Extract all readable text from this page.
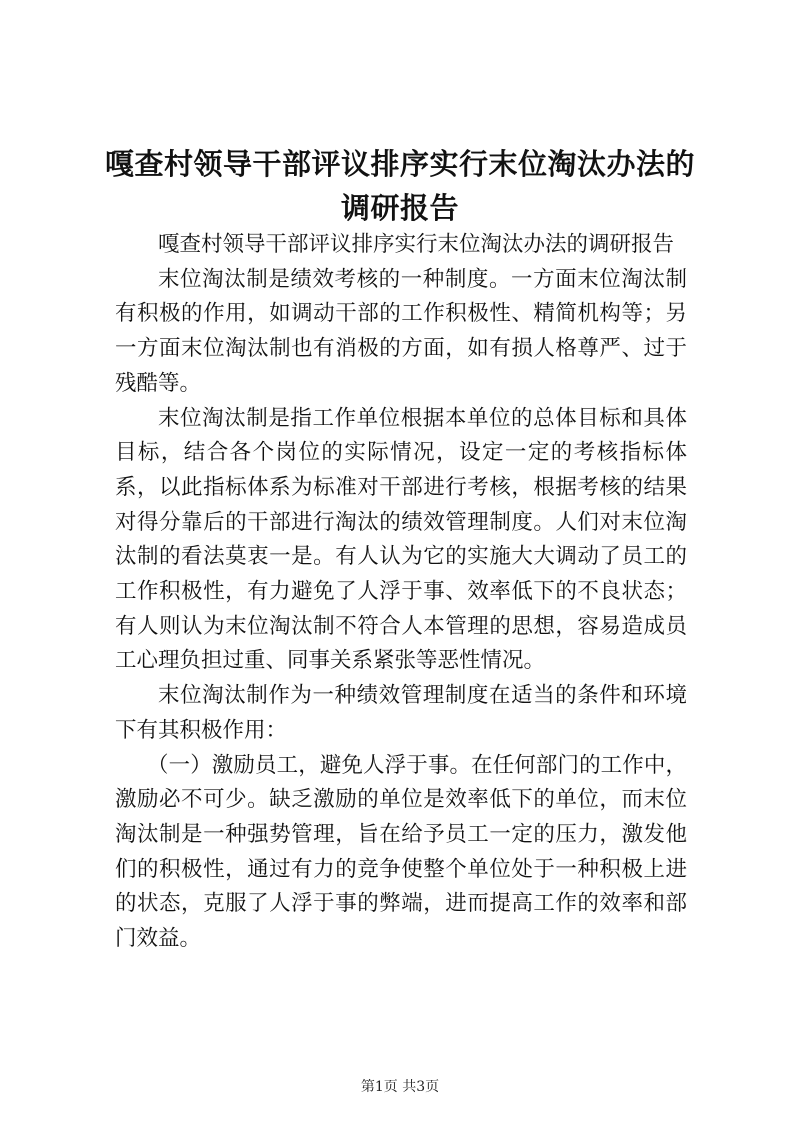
嘎查村领导干部评议排序实行末位淘汰办法的
调研报告

嘎查村领导干部评议排序实行末位淘汰办法的调研报告

末位淘汰制是绩效考核的一种制度。一方面末位淘汰制有积极的作用，如调动干部的工作积极性、精简机构等；另一方面末位淘汰制也有消极的方面，如有损人格尊严、过于残酷等。

末位淘汰制是指工作单位根据本单位的总体目标和具体目标，结合各个岗位的实际情况，设定一定的考核指标体系，以此指标体系为标准对干部进行考核，根据考核的结果对得分靠后的干部进行淘汰的绩效管理制度。人们对末位淘汰制的看法莫衷一是。有人认为它的实施大大调动了员工的工作积极性，有力避免了人浮于事、效率低下的不良状态；有人则认为末位淘汰制不符合人本管理的思想，容易造成员工心理负担过重、同事关系紧张等恶性情况。

末位淘汰制作为一种绩效管理制度在适当的条件和环境下有其积极作用：

（一）激励员工，避免人浮于事。在任何部门的工作中，激励必不可少。缺乏激励的单位是效率低下的单位，而末位淘汰制是一种强势管理，旨在给予员工一定的压力，激发他们的积极性，通过有力的竞争使整个单位处于一种积极上进的状态，克服了人浮于事的弊端，进而提高工作的效率和部门效益。

第1页 共3页
